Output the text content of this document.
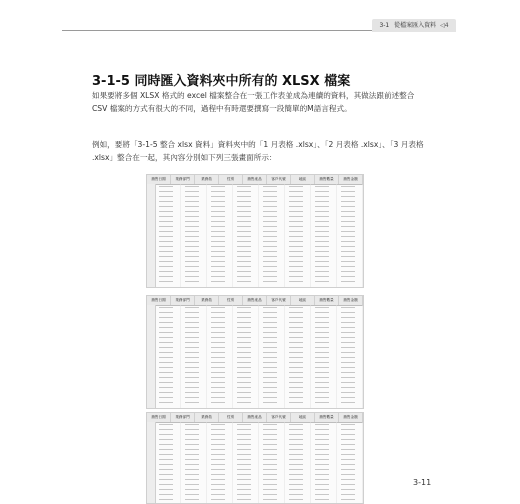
3-1 從檔案匯入資料 ◁4
3-1-5 同時匯入資料夾中所有的 XLSX 檔案
如果要將多個 XLSX 格式的 excel 檔案整合在一張工作表並成為連續的資料，其做法跟前述整合 CSV 檔案的方式有很大的不同，過程中有時還要撰寫一段簡單的M語言程式。
例如，要將「3-1-5 整合 xlsx 資料」資料夾中的「1 月表格 .xlsx」、「2 月表格 .xlsx」、「3 月表格 .xlsx」整合在一起，其內容分別如下列三張畫面所示：
銷售日期	業務部門	業務員	性別	銷售產品	客戶代號	地區	銷售數量	銷售金額
銷售日期	業務部門	業務員	性別	銷售產品	客戶代號	地區	銷售數量	銷售金額
銷售日期	業務部門	業務員	性別	銷售產品	客戶代號	地區	銷售數量	銷售金額
3-11
